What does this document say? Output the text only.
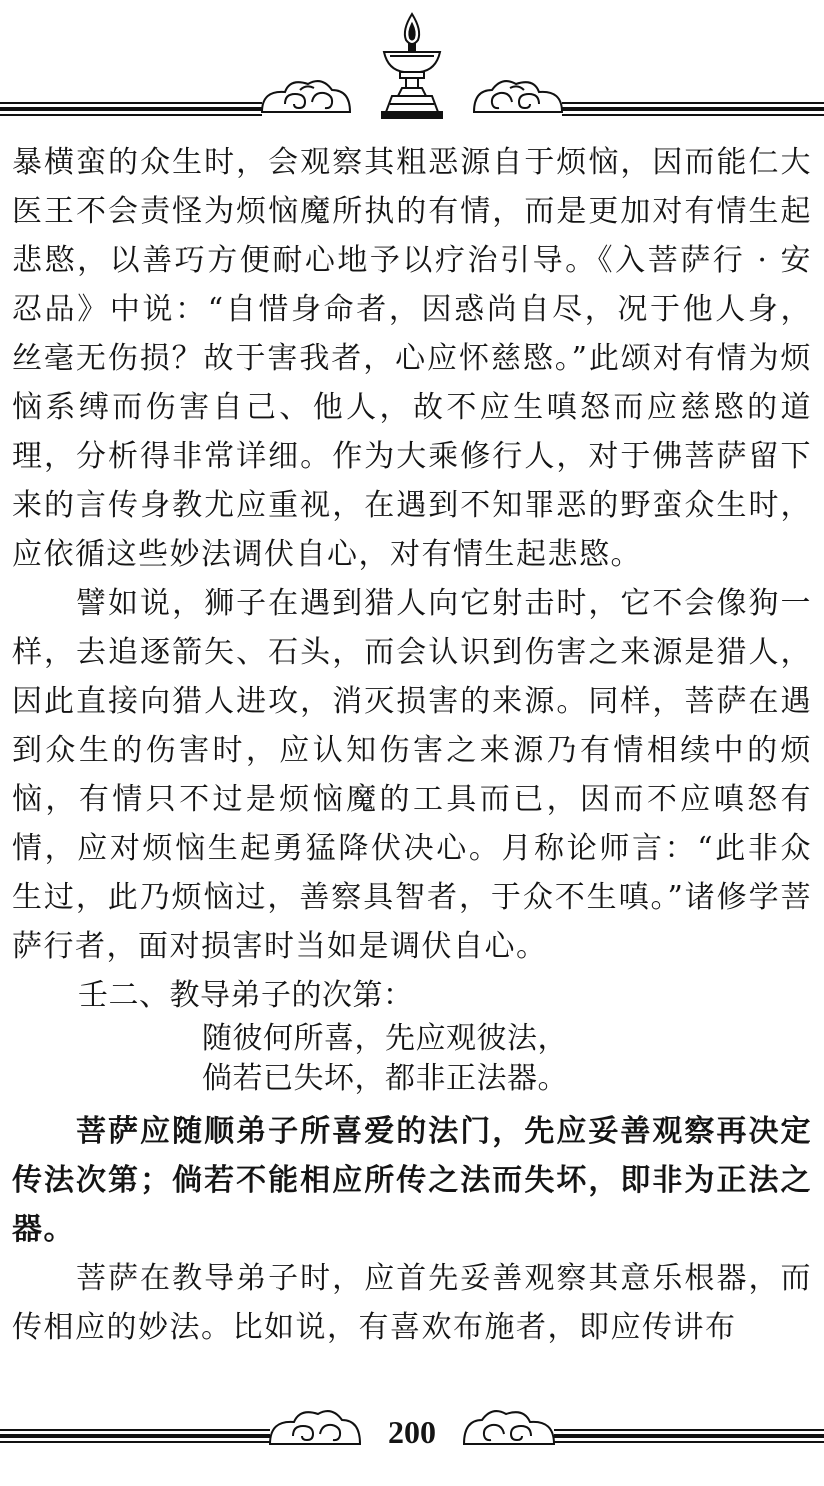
暴横蛮的众生时，会观察其粗恶源自于烦恼，因而能仁大医王不会责怪为烦恼魔所执的有情，而是更加对有情生起悲愍，以善巧方便耐心地予以疗治引导。《入菩萨行 · 安忍品》中说：“自惜身命者，因惑尚自尽，况于他人身，丝毫无伤损？故于害我者，心应怀慈愍。”此颂对有情为烦恼系缚而伤害自己、他人，故不应生嗔怒而应慈愍的道理，分析得非常详细。作为大乘修行人，对于佛菩萨留下来的言传身教尤应重视，在遇到不知罪恶的野蛮众生时，应依循这些妙法调伏自心，对有情生起悲愍。

譬如说，狮子在遇到猎人向它射击时，它不会像狗一样，去追逐箭矢、石头，而会认识到伤害之来源是猎人，因此直接向猎人进攻，消灭损害的来源。同样，菩萨在遇到众生的伤害时，应认知伤害之来源乃有情相续中的烦恼，有情只不过是烦恼魔的工具而已，因而不应嗔怒有情，应对烦恼生起勇猛降伏决心。月称论师言：“此非众生过，此乃烦恼过，善察具智者，于众不生嗔。”诸修学菩萨行者，面对损害时当如是调伏自心。

壬二、教导弟子的次第：
随彼何所喜，先应观彼法，
倘若已失坏，都非正法器。

菩萨应随顺弟子所喜爱的法门，先应妥善观察再决定传法次第；倘若不能相应所传之法而失坏，即非为正法之器。

菩萨在教导弟子时，应首先妥善观察其意乐根器，而传相应的妙法。比如说，有喜欢布施者，即应传讲布

200
